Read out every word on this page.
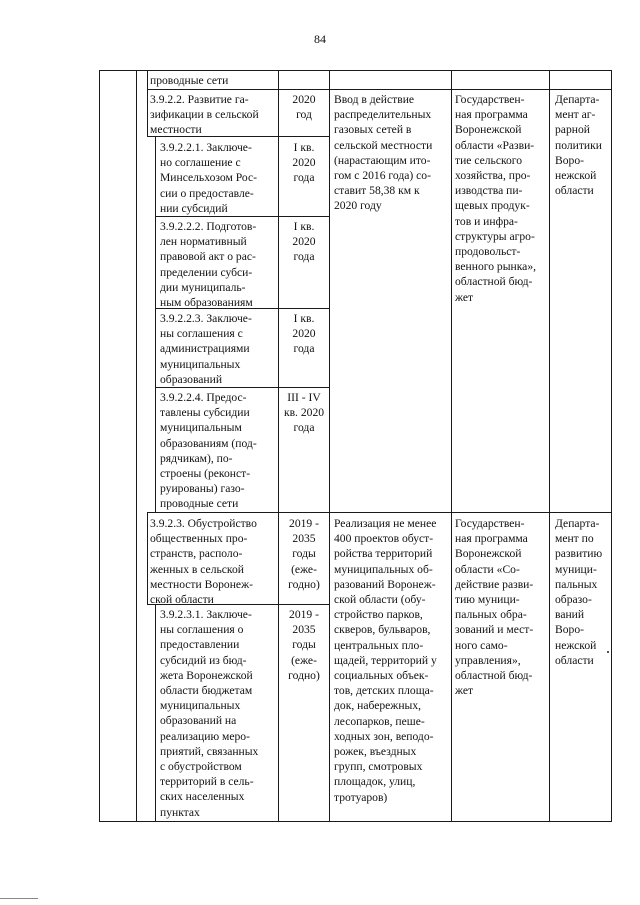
84
проводные сети
3.9.2.2. Развитие га-
зификации в сельской
местности
2020
год
Ввод в действие
распределительных
газовых сетей в
сельской местности
(нарастающим ито-
гом с 2016 года) со-
ставит 58,38 км к
2020 году
Государствен-
ная программа
Воронежской
области «Разви-
тие сельского
хозяйства, про-
изводства пи-
щевых продук-
тов и инфра-
структуры агро-
продовольст-
венного рынка»,
областной бюд-
жет
Департа-
мент аг-
рарной
политики
Воро-
нежской
области
3.9.2.2.1. Заключе-
но соглашение с
Минсельхозом Рос-
сии о предоставле-
нии субсидий
I кв.
2020
года
3.9.2.2.2. Подготов-
лен нормативный
правовой акт о рас-
пределении субси-
дии муниципаль-
ным образованиям
I кв.
2020
года
3.9.2.2.3. Заключе-
ны соглашения с
администрациями
муниципальных
образований
I кв.
2020
года
3.9.2.2.4. Предос-
тавлены субсидии
муниципальным
образованиям (под-
рядчикам), по-
строены (реконст-
руированы) газо-
проводные сети
III - IV
кв. 2020
года
3.9.2.3. Обустройство
общественных про-
странств, располо-
женных в сельской
местности Воронеж-
ской области
2019 -
2035
годы
(еже-
годно)
Реализация не менее
400 проектов обуст-
ройства территорий
муниципальных об-
разований Воронеж-
ской области (обу-
стройство парков,
скверов, бульваров,
центральных пло-
щадей, территорий у
социальных объек-
тов, детских площа-
док, набережных,
лесопарков, пеше-
ходных зон, веподо-
рожек, въездных
групп, смотровых
площадок, улиц,
тротуаров)
Государствен-
ная программа
Воронежской
области «Со-
действие разви-
тию муници-
пальных обра-
зований и мест-
ного само-
управления»,
областной бюд-
жет
Департа-
мент по
развитию
муници-
пальных
образо-
ваний
Воро-
нежской
области
3.9.2.3.1. Заключе-
ны соглашения о
предоставлении
субсидий из бюд-
жета Воронежской
области бюджетам
муниципальных
образований на
реализацию меро-
приятий, связанных
с обустройством
территорий в сель-
ских населенных
пунктах
2019 -
2035
годы
(еже-
годно)
